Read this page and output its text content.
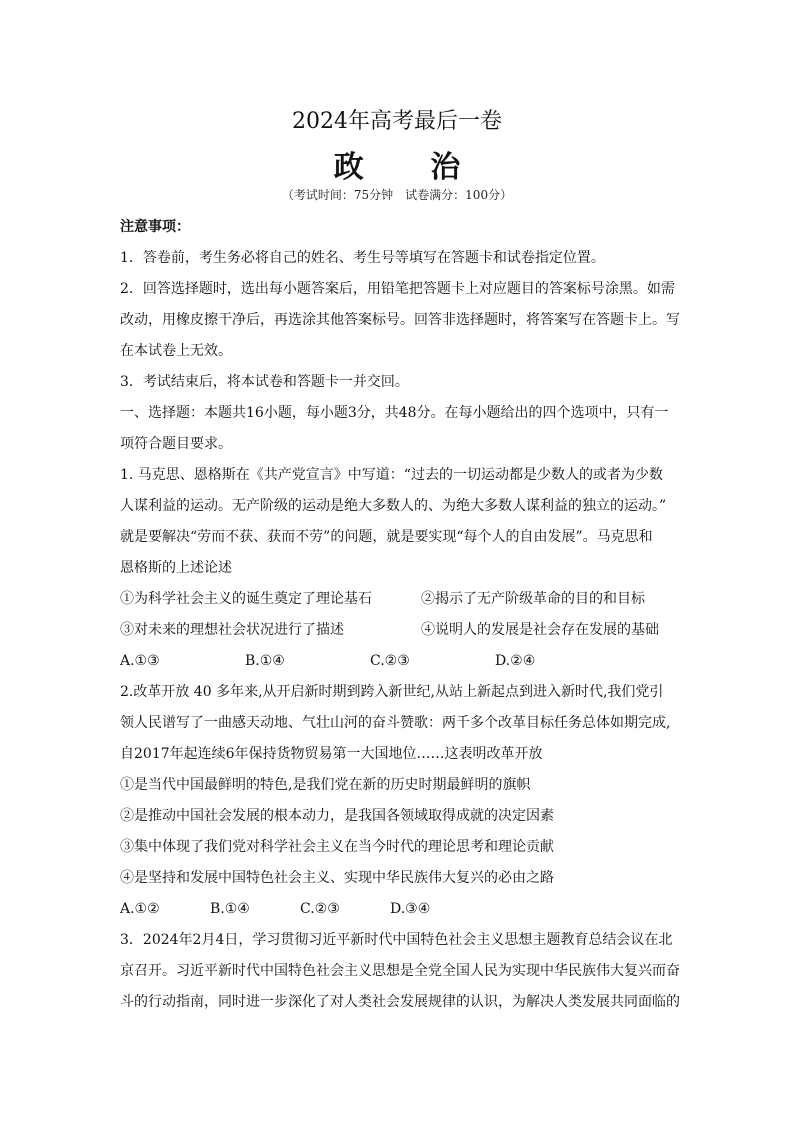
2024年高考最后一卷
政 治
（考试时间：75分钟　试卷满分：100分）
注意事项：
1．答卷前，考生务必将自己的姓名、考生号等填写在答题卡和试卷指定位置。
2．回答选择题时，选出每小题答案后，用铅笔把答题卡上对应题目的答案标号涂黑。如需
改动，用橡皮擦干净后，再选涂其他答案标号。回答非选择题时，将答案写在答题卡上。写
在本试卷上无效。
3．考试结束后，将本试卷和答题卡一并交回。
一、选择题：本题共16小题，每小题3分，共48分。在每小题给出的四个选项中，只有一
项符合题目要求。
1. 马克思、恩格斯在《共产党宣言》中写道：“过去的一切运动都是少数人的或者为少数
人谋利益的运动。无产阶级的运动是绝大多数人的、为绝大多数人谋利益的独立的运动。”
就是要解决“劳而不获、获而不劳”的问题，就是要实现“每个人的自由发展”。马克思和
恩格斯的上述论述
①为科学社会主义的诞生奠定了理论基石	②揭示了无产阶级革命的目的和目标
③对未来的理想社会状况进行了描述	④说明人的发展是社会存在发展的基础
A.①③	B.①④	C.②③	D.②④
2.改革开放 40 多年来,从开启新时期到跨入新世纪,从站上新起点到进入新时代,我们党引
领人民谱写了一曲感天动地、气壮山河的奋斗赞歌：两千多个改革目标任务总体如期完成,
自2017年起连续6年保持货物贸易第一大国地位……这表明改革开放
①是当代中国最鲜明的特色,是我们党在新的历史时期最鲜明的旗帜
②是推动中国社会发展的根本动力，是我国各领域取得成就的决定因素
③集中体现了我们党对科学社会主义在当今时代的理论思考和理论贡献
④是坚持和发展中国特色社会主义、实现中华民族伟大复兴的必由之路
A.①②	B.①④	C.②③	D.③④
3．2024年2月4日，学习贯彻习近平新时代中国特色社会主义思想主题教育总结会议在北
京召开。习近平新时代中国特色社会主义思想是全党全国人民为实现中华民族伟大复兴而奋
斗的行动指南，同时进一步深化了对人类社会发展规律的认识，为解决人类发展共同面临的
